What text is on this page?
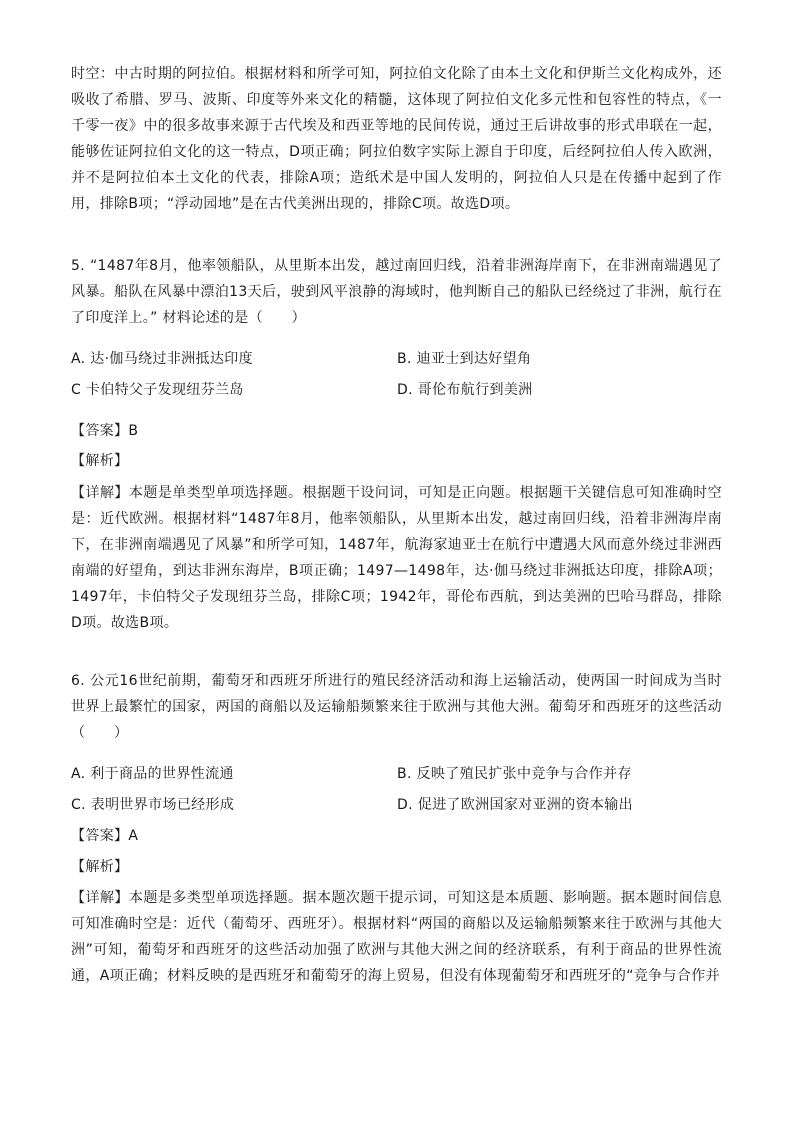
时空：中古时期的阿拉伯。根据材料和所学可知，阿拉伯文化除了由本土文化和伊斯兰文化构成外，还吸收了希腊、罗马、波斯、印度等外来文化的精髓，这体现了阿拉伯文化多元性和包容性的特点，《一千零一夜》中的很多故事来源于古代埃及和西亚等地的民间传说，通过王后讲故事的形式串联在一起，能够佐证阿拉伯文化的这一特点，D项正确；阿拉伯数字实际上源自于印度，后经阿拉伯人传入欧洲，并不是阿拉伯本土文化的代表，排除A项；造纸术是中国人发明的，阿拉伯人只是在传播中起到了作用，排除B项；“浮动园地”是在古代美洲出现的，排除C项。故选D项。
5. “1487年8月，他率领船队，从里斯本出发，越过南回归线，沿着非洲海岸南下，在非洲南端遇见了风暴。船队在风暴中漂泊13天后，驶到风平浪静的海域时，他判断自己的船队已经绕过了非洲，航行在了印度洋上。” 材料论述的是（　　）
A. 达·伽马绕过非洲抵达印度	B. 迪亚士到达好望角
C 卡伯特父子发现纽芬兰岛	D. 哥伦布航行到美洲
【答案】B
【解析】
【详解】本题是单类型单项选择题。根据题干设问词，可知是正向题。根据题干关键信息可知准确时空是：近代欧洲。根据材料“1487年8月，他率领船队，从里斯本出发，越过南回归线，沿着非洲海岸南下，在非洲南端遇见了风暴”和所学可知，1487年，航海家迪亚士在航行中遭遇大风而意外绕过非洲西南端的好望角，到达非洲东海岸，B项正确；1497—1498年，达·伽马绕过非洲抵达印度，排除A项；1497年，卡伯特父子发现纽芬兰岛，排除C项；1942年，哥伦布西航，到达美洲的巴哈马群岛，排除D项。故选B项。
6. 公元16世纪前期，葡萄牙和西班牙所进行的殖民经济活动和海上运输活动，使两国一时间成为当时世界上最繁忙的国家，两国的商船以及运输船频繁来往于欧洲与其他大洲。葡萄牙和西班牙的这些活动（　　）
A. 利于商品的世界性流通	B. 反映了殖民扩张中竞争与合作并存
C. 表明世界市场已经形成	D. 促进了欧洲国家对亚洲的资本输出
【答案】A
【解析】
【详解】本题是多类型单项选择题。据本题次题干提示词，可知这是本质题、影响题。据本题时间信息可知准确时空是：近代（葡萄牙、西班牙）。根据材料“两国的商船以及运输船频繁来往于欧洲与其他大洲”可知，葡萄牙和西班牙的这些活动加强了欧洲与其他大洲之间的经济联系，有利于商品的世界性流通，A项正确；材料反映的是西班牙和葡萄牙的海上贸易，但没有体现葡萄牙和西班牙的“竞争与合作并
